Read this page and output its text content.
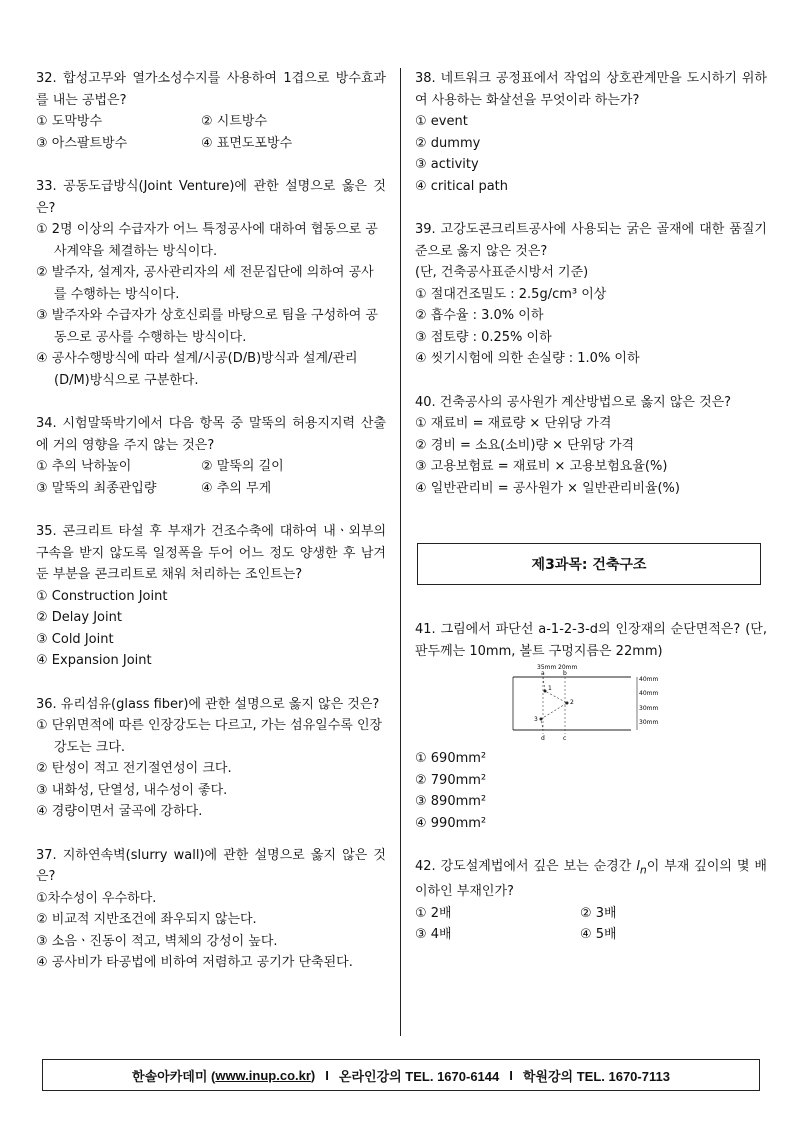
32. 합성고무와 열가소성수지를 사용하여 1겹으로 방수효과를 내는 공법은?

① 도막방수	② 시트방수
③ 아스팔트방수	④ 표면도포방수

33. 공동도급방식(Joint Venture)에 관한 설명으로 옳은 것은?

① 2명 이상의 수급자가 어느 특정공사에 대하여 협동으로 공사계약을 체결하는 방식이다.
② 발주자, 설계자, 공사관리자의 세 전문집단에 의하여 공사를 수행하는 방식이다.
③ 발주자와 수급자가 상호신뢰를 바탕으로 팀을 구성하여 공동으로 공사를 수행하는 방식이다.
④ 공사수행방식에 따라 설계/시공(D/B)방식과 설계/관리(D/M)방식으로 구분한다.

34. 시험말뚝박기에서 다음 항목 중 말뚝의 허용지지력 산출에 거의 영향을 주지 않는 것은?

① 추의 낙하높이	② 말뚝의 길이
③ 말뚝의 최종관입량	④ 추의 무게

35. 콘크리트 타설 후 부재가 건조수축에 대하여 내ㆍ외부의 구속을 받지 않도록 일정폭을 두어 어느 정도 양생한 후 남겨둔 부분을 콘크리트로 채워 처리하는 조인트는?

① Construction Joint
② Delay Joint
③ Cold Joint
④ Expansion Joint

36. 유리섬유(glass fiber)에 관한 설명으로 옳지 않은 것은?

① 단위면적에 따른 인장강도는 다르고, 가는 섬유일수록 인장강도는 크다.
② 탄성이 적고 전기절연성이 크다.
③ 내화성, 단열성, 내수성이 좋다.
④ 경량이면서 굴곡에 강하다.

37. 지하연속벽(slurry wall)에 관한 설명으로 옳지 않은 것은?

①차수성이 우수하다.
② 비교적 지반조건에 좌우되지 않는다.
③ 소음ㆍ진동이 적고, 벽체의 강성이 높다.
④ 공사비가 타공법에 비하여 저렴하고 공기가 단축된다.

38. 네트워크 공정표에서 작업의 상호관계만을 도시하기 위하여 사용하는 화살선을 무엇이라 하는가?

① event
② dummy
③ activity
④ critical path

39. 고강도콘크리트공사에 사용되는 굵은 골재에 대한 품질기준으로 옳지 않은 것은?

(단, 건축공사표준시방서 기준)

① 절대건조밀도 : 2.5g/cm³ 이상
② 흡수율 : 3.0% 이하
③ 점토량 : 0.25% 이하
④ 씻기시험에 의한 손실량 : 1.0% 이하

40. 건축공사의 공사원가 계산방법으로 옳지 않은 것은?

① 재료비 = 재료량 × 단위당 가격
② 경비 = 소요(소비)량 × 단위당 가격
③ 고용보험료 = 재료비 × 고용보험요율(%)
④ 일반관리비 = 공사원가 × 일반관리비율(%)
제3과목: 건축구조

41. 그림에서 파단선 a-1-2-3-d의 인장재의 순단면적은? (단, 판두께는 10mm, 볼트 구멍지름은 22mm)

35mm 20mm
a	b
40mm
40mm
30mm
30mm
1
2
3
d	c
① 690mm²
② 790mm²
③ 890mm²
④ 990mm²

42. 강도설계법에서 깊은 보는 순경간 $l_n$이 부재 깊이의 몇 배 이하인 부재인가?

① 2배	② 3배
③ 4배	④ 5배
한솔아카데미 ( www.inup.co.kr ) I 온라인강의 TEL. 1670-6144 I 학원강의 TEL. 1670-7113
